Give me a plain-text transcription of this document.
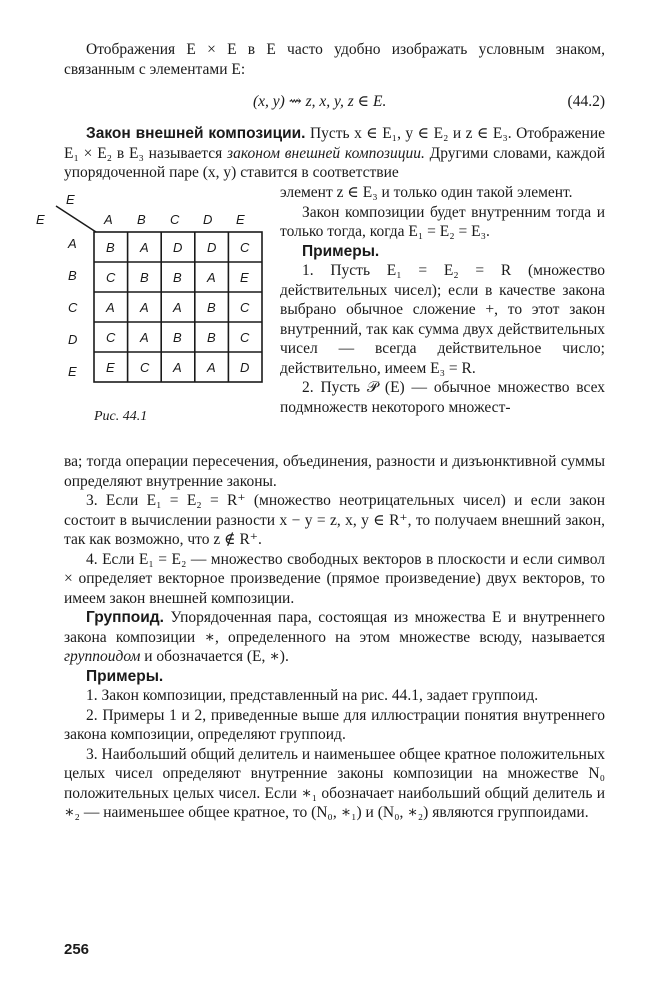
Отображения E × E в E часто удобно изображать условным знаком, связанным с элементами E:

(x, y) ⇝ z, x, y, z ∈ E.	(44.2)

Закон внешней композиции. Пусть x ∈ E₁, y ∈ E₂ и z ∈ E₃. Отображение E₁ × E₂ в E₃ называется законом внешней композиции. Другими словами, каждой упорядоченной паре (x, y) ставится в соответствие

E
E	A B C D E
A
B
C
D
E
B A D D C
C B B A E
A A A B C
C A B B C
E C A A D
Рис. 44.1

элемент z ∈ E₃ и только один такой элемент.

Закон композиции будет внутренним тогда и только тогда, когда E₁ = E₂ = E₃.

Примеры.

1. Пусть E₁ = E₂ = R (множество действительных чисел); если в качестве закона выбрано обычное сложение +, то этот закон внутренний, так как сумма двух действительных чисел — всегда действительное число; действительно, имеем E₃ = R.

2. Пусть 𝒫 (E) — обычное множество всех подмножеств некоторого множест-

ва; тогда операции пересечения, объединения, разности и дизъюнктивной суммы определяют внутренние законы.

3. Если E₁ = E₂ = R⁺ (множество неотрицательных чисел) и если закон состоит в вычислении разности x − y = z, x, y ∈ R⁺, то получаем внешний закон, так как возможно, что z ∉ R⁺.

4. Если E₁ = E₂ — множество свободных векторов в плоскости и если символ × определяет векторное произведение (прямое произведение) двух векторов, то имеем закон внешней композиции.

Группоид. Упорядоченная пара, состоящая из множества E и внутреннего закона композиции ∗, определенного на этом множестве всюду, называется группоидом и обозначается (E, ∗).

Примеры.

1. Закон композиции, представленный на рис. 44.1, задает группоид.

2. Примеры 1 и 2, приведенные выше для иллюстрации понятия внутреннего закона композиции, определяют группоид.

3. Наибольший общий делитель и наименьшее общее кратное положительных целых чисел определяют внутренние законы композиции на множестве N₀ положительных целых чисел. Если ∗₁ обозначает наибольший общий делитель и ∗₂ — наименьшее общее кратное, то (N₀, ∗₁) и (N₀, ∗₂) являются группоидами.

256
